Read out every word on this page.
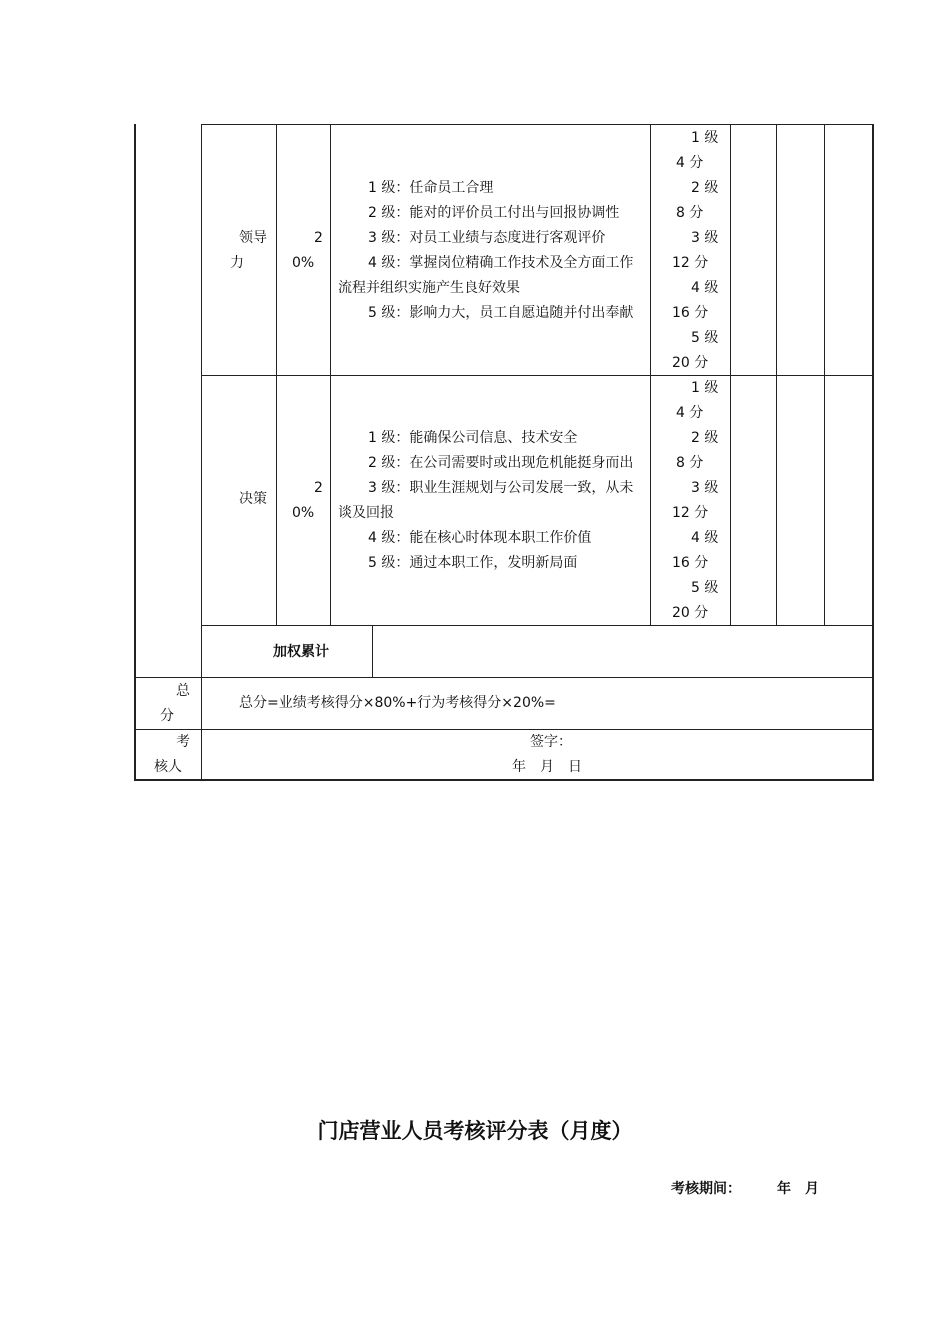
领导
力
2
0%
1 级：任命员工合理
2 级：能对的评价员工付出与回报协调性
3 级：对员工业绩与态度进行客观评价
4 级：掌握岗位精确工作技术及全方面工作
流程并组织实施产生良好效果
5 级：影响力大，员工自愿追随并付出奉献
1 级
4 分
2 级
8 分
3 级
12 分
4 级
16 分
5 级
20 分
决策
2
0%
1 级：能确保公司信息、技术安全
2 级：在公司需要时或出现危机能挺身而出
3 级：职业生涯规划与公司发展一致，从未
谈及回报
4 级：能在核心时体现本职工作价值
5 级：通过本职工作，发明新局面
1 级
4 分
2 级
8 分
3 级
12 分
4 级
16 分
5 级
20 分
加权累计
总
分
总分=业绩考核得分×80%+行为考核得分×20%=
考
核人
签字：
年　月　日
门店营业人员考核评分表（月度）
考核期间：	年　月
